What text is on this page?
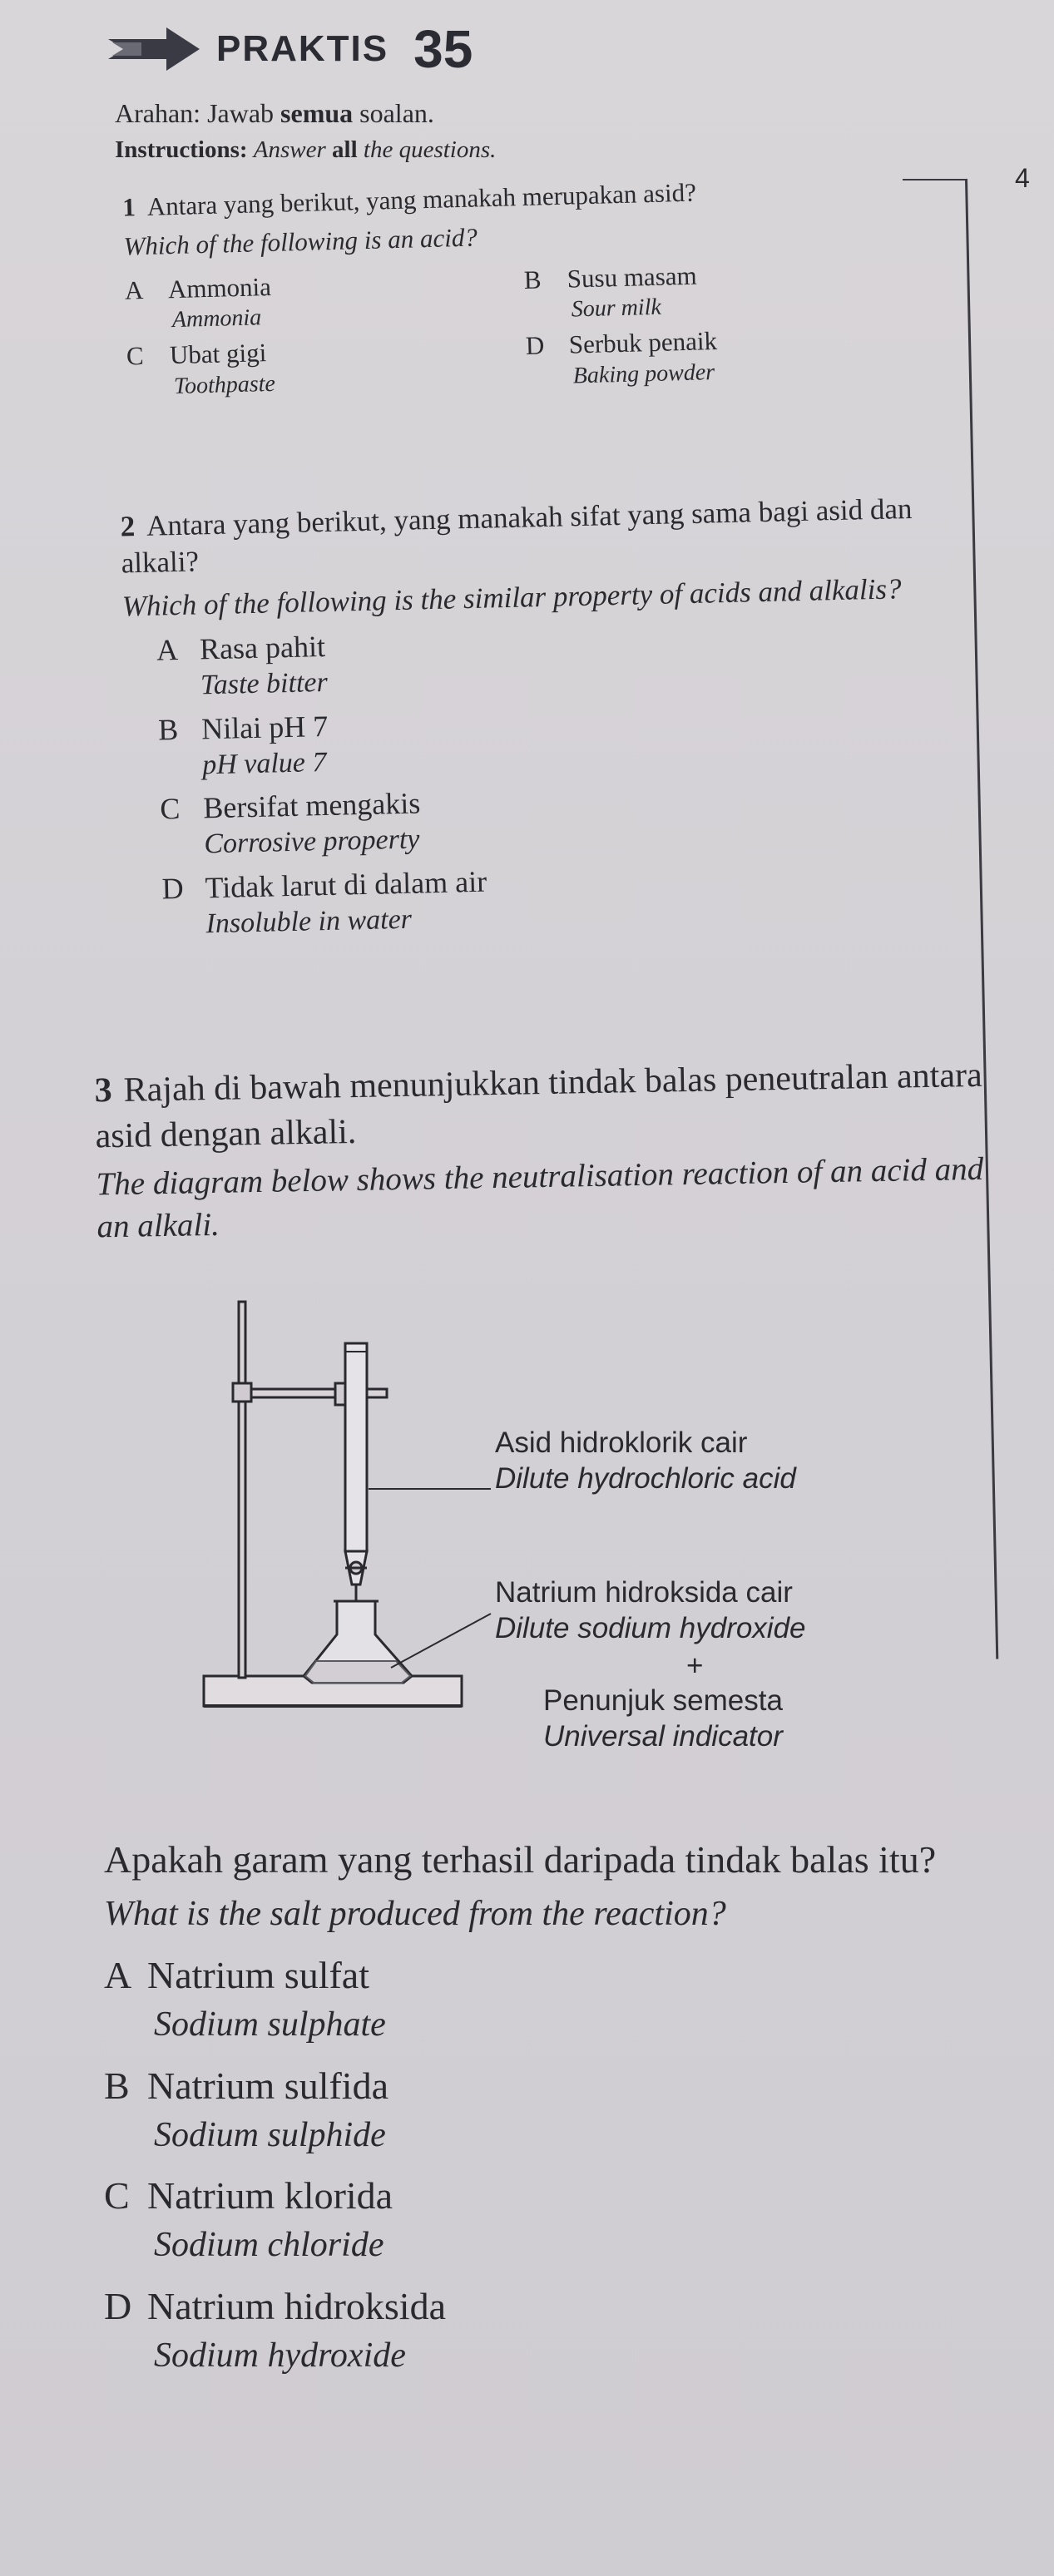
PRAKTIS 35
Arahan: Jawab semua soalan.
Instructions: Answer all the questions.
4
1 Antara yang berikut, yang manakah merupakan asid?
Which of the following is an acid?
A Ammonia
Ammonia
B Susu masam
Sour milk
C Ubat gigi
Toothpaste
D Serbuk penaik
Baking powder
2 Antara yang berikut, yang manakah sifat yang sama bagi asid dan alkali?
Which of the following is the similar property of acids and alkalis?
A Rasa pahit
Taste bitter
B Nilai pH 7
pH value 7
C Bersifat mengakis
Corrosive property
D Tidak larut di dalam air
Insoluble in water
3 Rajah di bawah menunjukkan tindak balas peneutralan antara asid dengan alkali.
The diagram below shows the neutralisation reaction of an acid and an alkali.
Asid hidroklorik cair
Dilute hydrochloric acid
Natrium hidroksida cair
Dilute sodium hydroxide
+
Penunjuk semesta
Universal indicator
Apakah garam yang terhasil daripada tindak balas itu?
What is the salt produced from the reaction?
A Natrium sulfat
Sodium sulphate
B Natrium sulfida
Sodium sulphide
C Natrium klorida
Sodium chloride
D Natrium hidroksida
Sodium hydroxide
